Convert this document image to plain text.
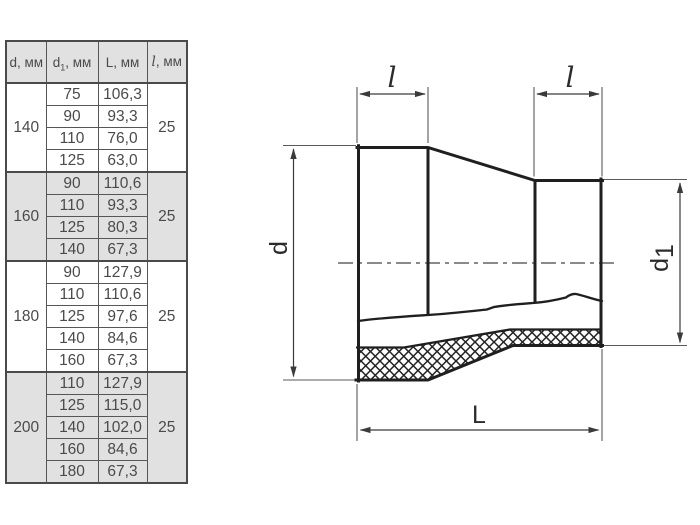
d, мм	$d_1$, мм	L, мм	l, мм
140	75	106,3	25
	90	93,3	
	110	76,0	
	125	63,0	
160	90	110,6	25
	110	93,3	
	125	80,3	
	140	67,3	
180	90	127,9	25
	110	110,6	
	125	97,6	
	140	84,6	
	160	67,3	
200	110	127,9	25
	125	115,0	
	140	102,0	
	160	84,6	
	180	67,3	
l	l
L
d
d1
